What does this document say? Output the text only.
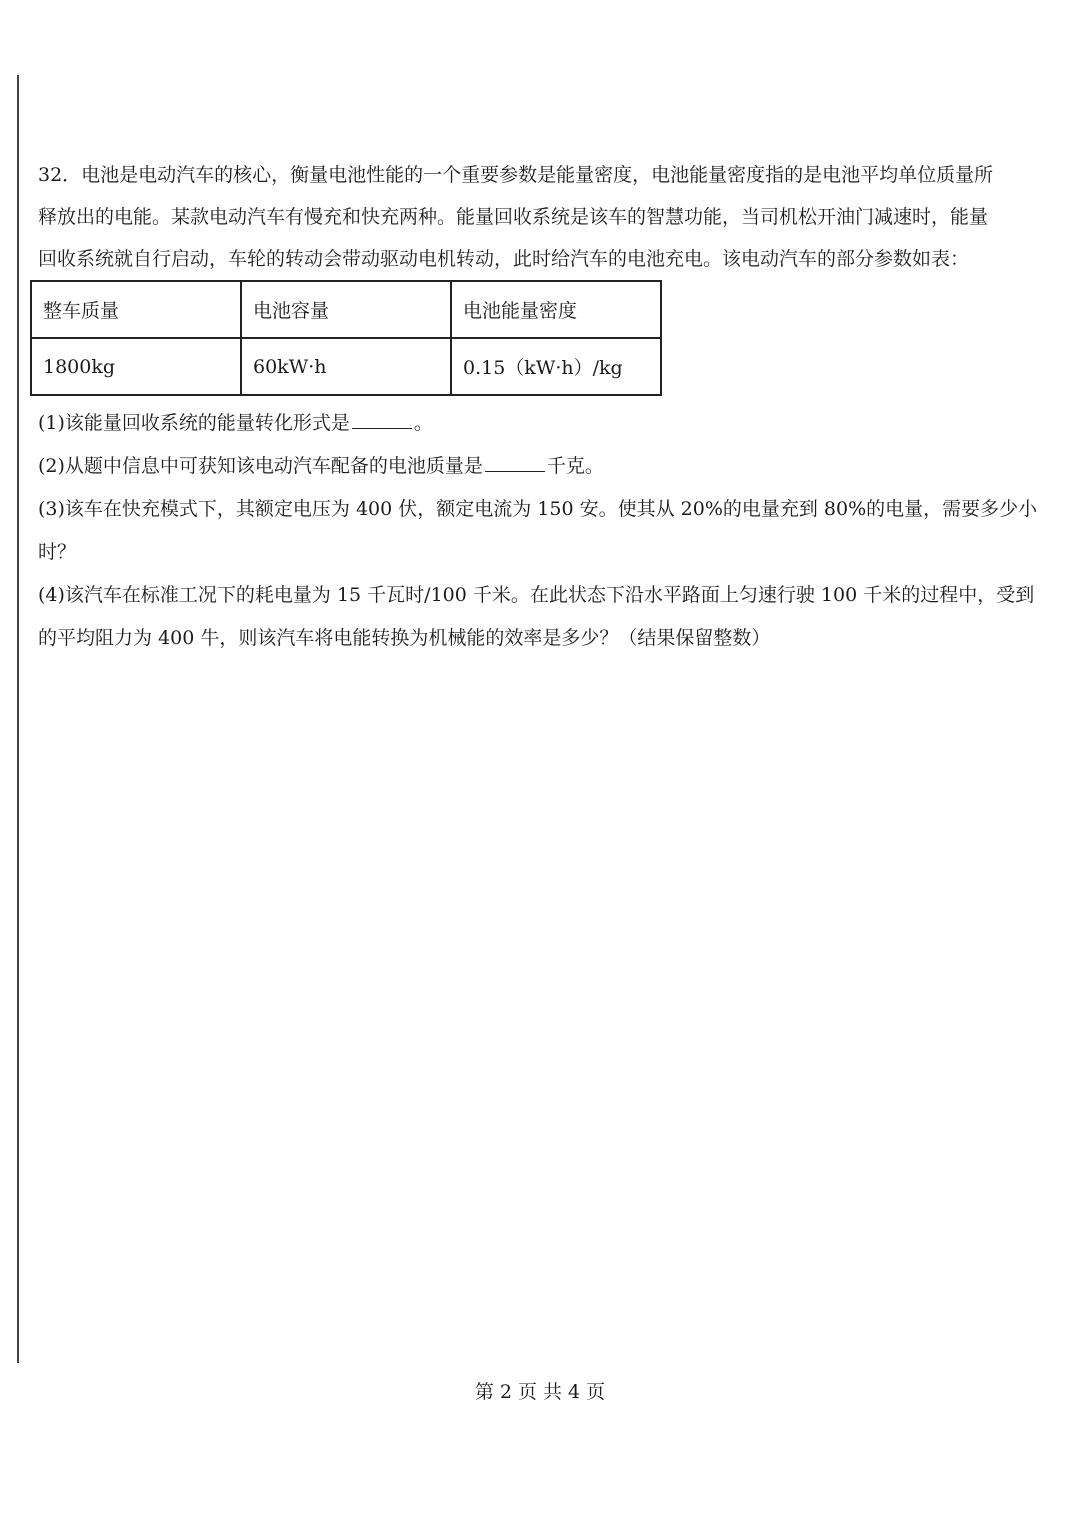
32．电池是电动汽车的核心，衡量电池性能的一个重要参数是能量密度，电池能量密度指的是电池平均单位质量所

释放出的电能。某款电动汽车有慢充和快充两种。能量回收系统是该车的智慧功能，当司机松开油门减速时，能量

回收系统就自行启动，车轮的转动会带动驱动电机转动，此时给汽车的电池充电。该电动汽车的部分参数如表：

整车质量	电池容量	电池能量密度
1800kg	60kW·h	0.15（kW·h）/kg

(1)该能量回收系统的能量转化形式是	。

(2)从题中信息中可获知该电动汽车配备的电池质量是	千克。

(3)该车在快充模式下，其额定电压为 400 伏，额定电流为 150 安。使其从 20%的电量充到 80%的电量，需要多少小

时？

(4)该汽车在标准工况下的耗电量为 15 千瓦时/100 千米。在此状态下沿水平路面上匀速行驶 100 千米的过程中，受到

的平均阻力为 400 牛，则该汽车将电能转换为机械能的效率是多少？（结果保留整数）

第 2 页 共 4 页
